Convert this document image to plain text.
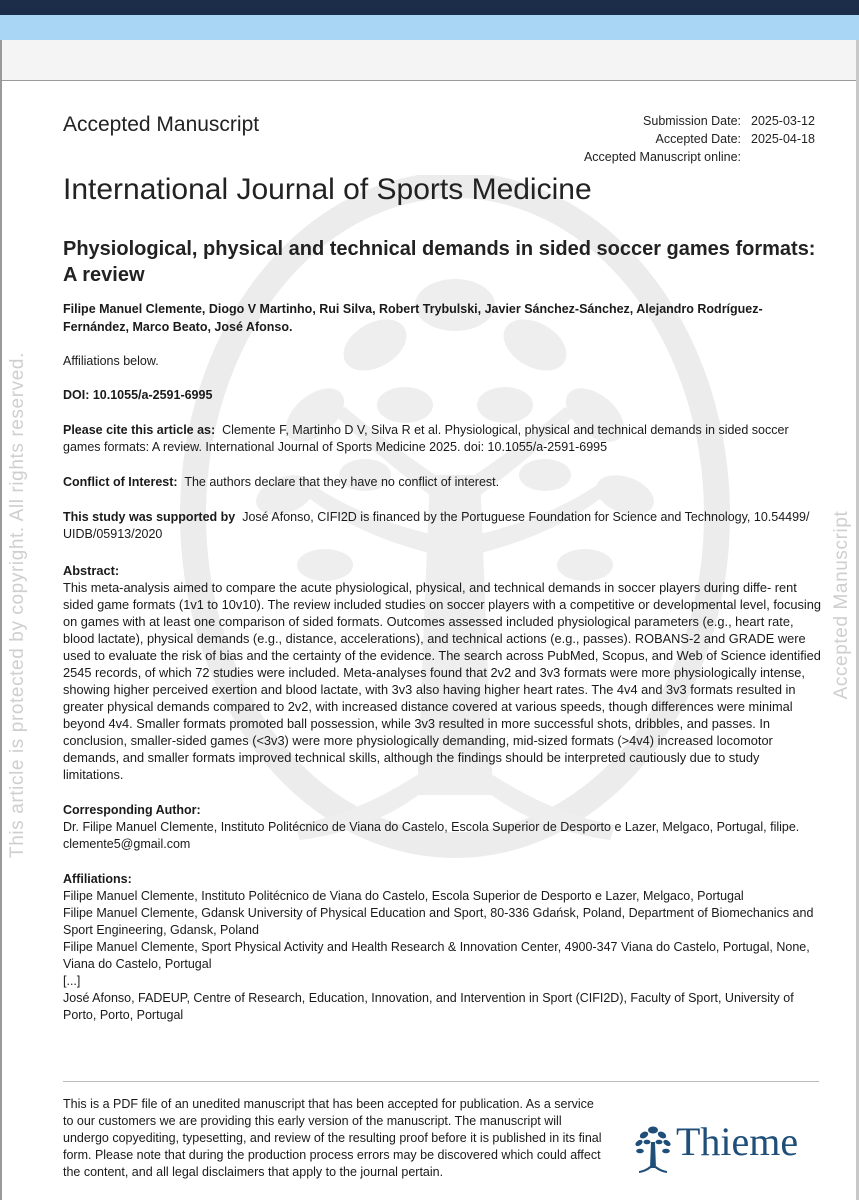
This article is protected by copyright. All rights reserved.	Accepted Manuscript
Accepted Manuscript	Submission Date: 2025-03-12
Accepted Date: 2025-04-18
Accepted Manuscript online:
International Journal of Sports Medicine
Physiological, physical and technical demands in sided soccer games formats: A review
Filipe Manuel Clemente, Diogo V Martinho, Rui Silva, Robert Trybulski, Javier Sánchez-Sánchez, Alejandro Rodríguez-Fernández, Marco Beato, José Afonso.
Affiliations below.
DOI: 10.1055/a-2591-6995
Please cite this article as: Clemente F, Martinho D V, Silva R et al. Physiological, physical and technical demands in sided soccer games formats: A review. International Journal of Sports Medicine 2025. doi: 10.1055/a-2591-6995
Conflict of Interest: The authors declare that they have no conflict of interest.
This study was supported by José Afonso, CIFI2D is financed by the Portuguese Foundation for Science and Technology, 10.54499/ UIDB/05913/2020
Abstract:
This meta-analysis aimed to compare the acute physiological, physical, and technical demands in soccer players during diffe- rent sided game formats (1v1 to 10v10). The review included studies on soccer players with a competitive or developmental level, focusing on games with at least one comparison of sided formats. Outcomes assessed included physiological parameters (e.g., heart rate, blood lactate), physical demands (e.g., distance, accelerations), and technical actions (e.g., passes). ROBANS-2 and GRADE were used to evaluate the risk of bias and the certainty of the evidence. The search across PubMed, Scopus, and Web of Science identified 2545 records, of which 72 studies were included. Meta-analyses found that 2v2 and 3v3 formats were more physiologically intense, showing higher perceived exertion and blood lactate, with 3v3 also having higher heart rates. The 4v4 and 3v3 formats resulted in greater physical demands compared to 2v2, with increased distance covered at various speeds, though differences were minimal beyond 4v4. Smaller formats promoted ball possession, while 3v3 resulted in more successful shots, dribbles, and passes. In conclusion, smaller-sided games (<3v3) were more physiologically demanding, mid-sized formats (>4v4) increased locomotor demands, and smaller formats improved technical skills, although the findings should be interpreted cautiously due to study limitations.
Corresponding Author:
Dr. Filipe Manuel Clemente, Instituto Politécnico de Viana do Castelo, Escola Superior de Desporto e Lazer, Melgaco, Portugal, filipe. clemente5@gmail.com
Affiliations:
Filipe Manuel Clemente, Instituto Politécnico de Viana do Castelo, Escola Superior de Desporto e Lazer, Melgaco, Portugal
Filipe Manuel Clemente, Gdansk University of Physical Education and Sport, 80-336 Gdańsk, Poland, Department of Biomechanics and Sport Engineering, Gdansk, Poland
Filipe Manuel Clemente, Sport Physical Activity and Health Research & Innovation Center, 4900-347 Viana do Castelo, Portugal, None, Viana do Castelo, Portugal
[...]
José Afonso, FADEUP, Centre of Research, Education, Innovation, and Intervention in Sport (CIFI2D), Faculty of Sport, University of Porto, Porto, Portugal
This is a PDF file of an unedited manuscript that has been accepted for publication. As a service to our customers we are providing this early version of the manuscript. The manuscript will undergo copyediting, typesetting, and review of the resulting proof before it is published in its final form. Please note that during the production process errors may be discovered which could affect the content, and all legal disclaimers that apply to the journal pertain.
Thieme
